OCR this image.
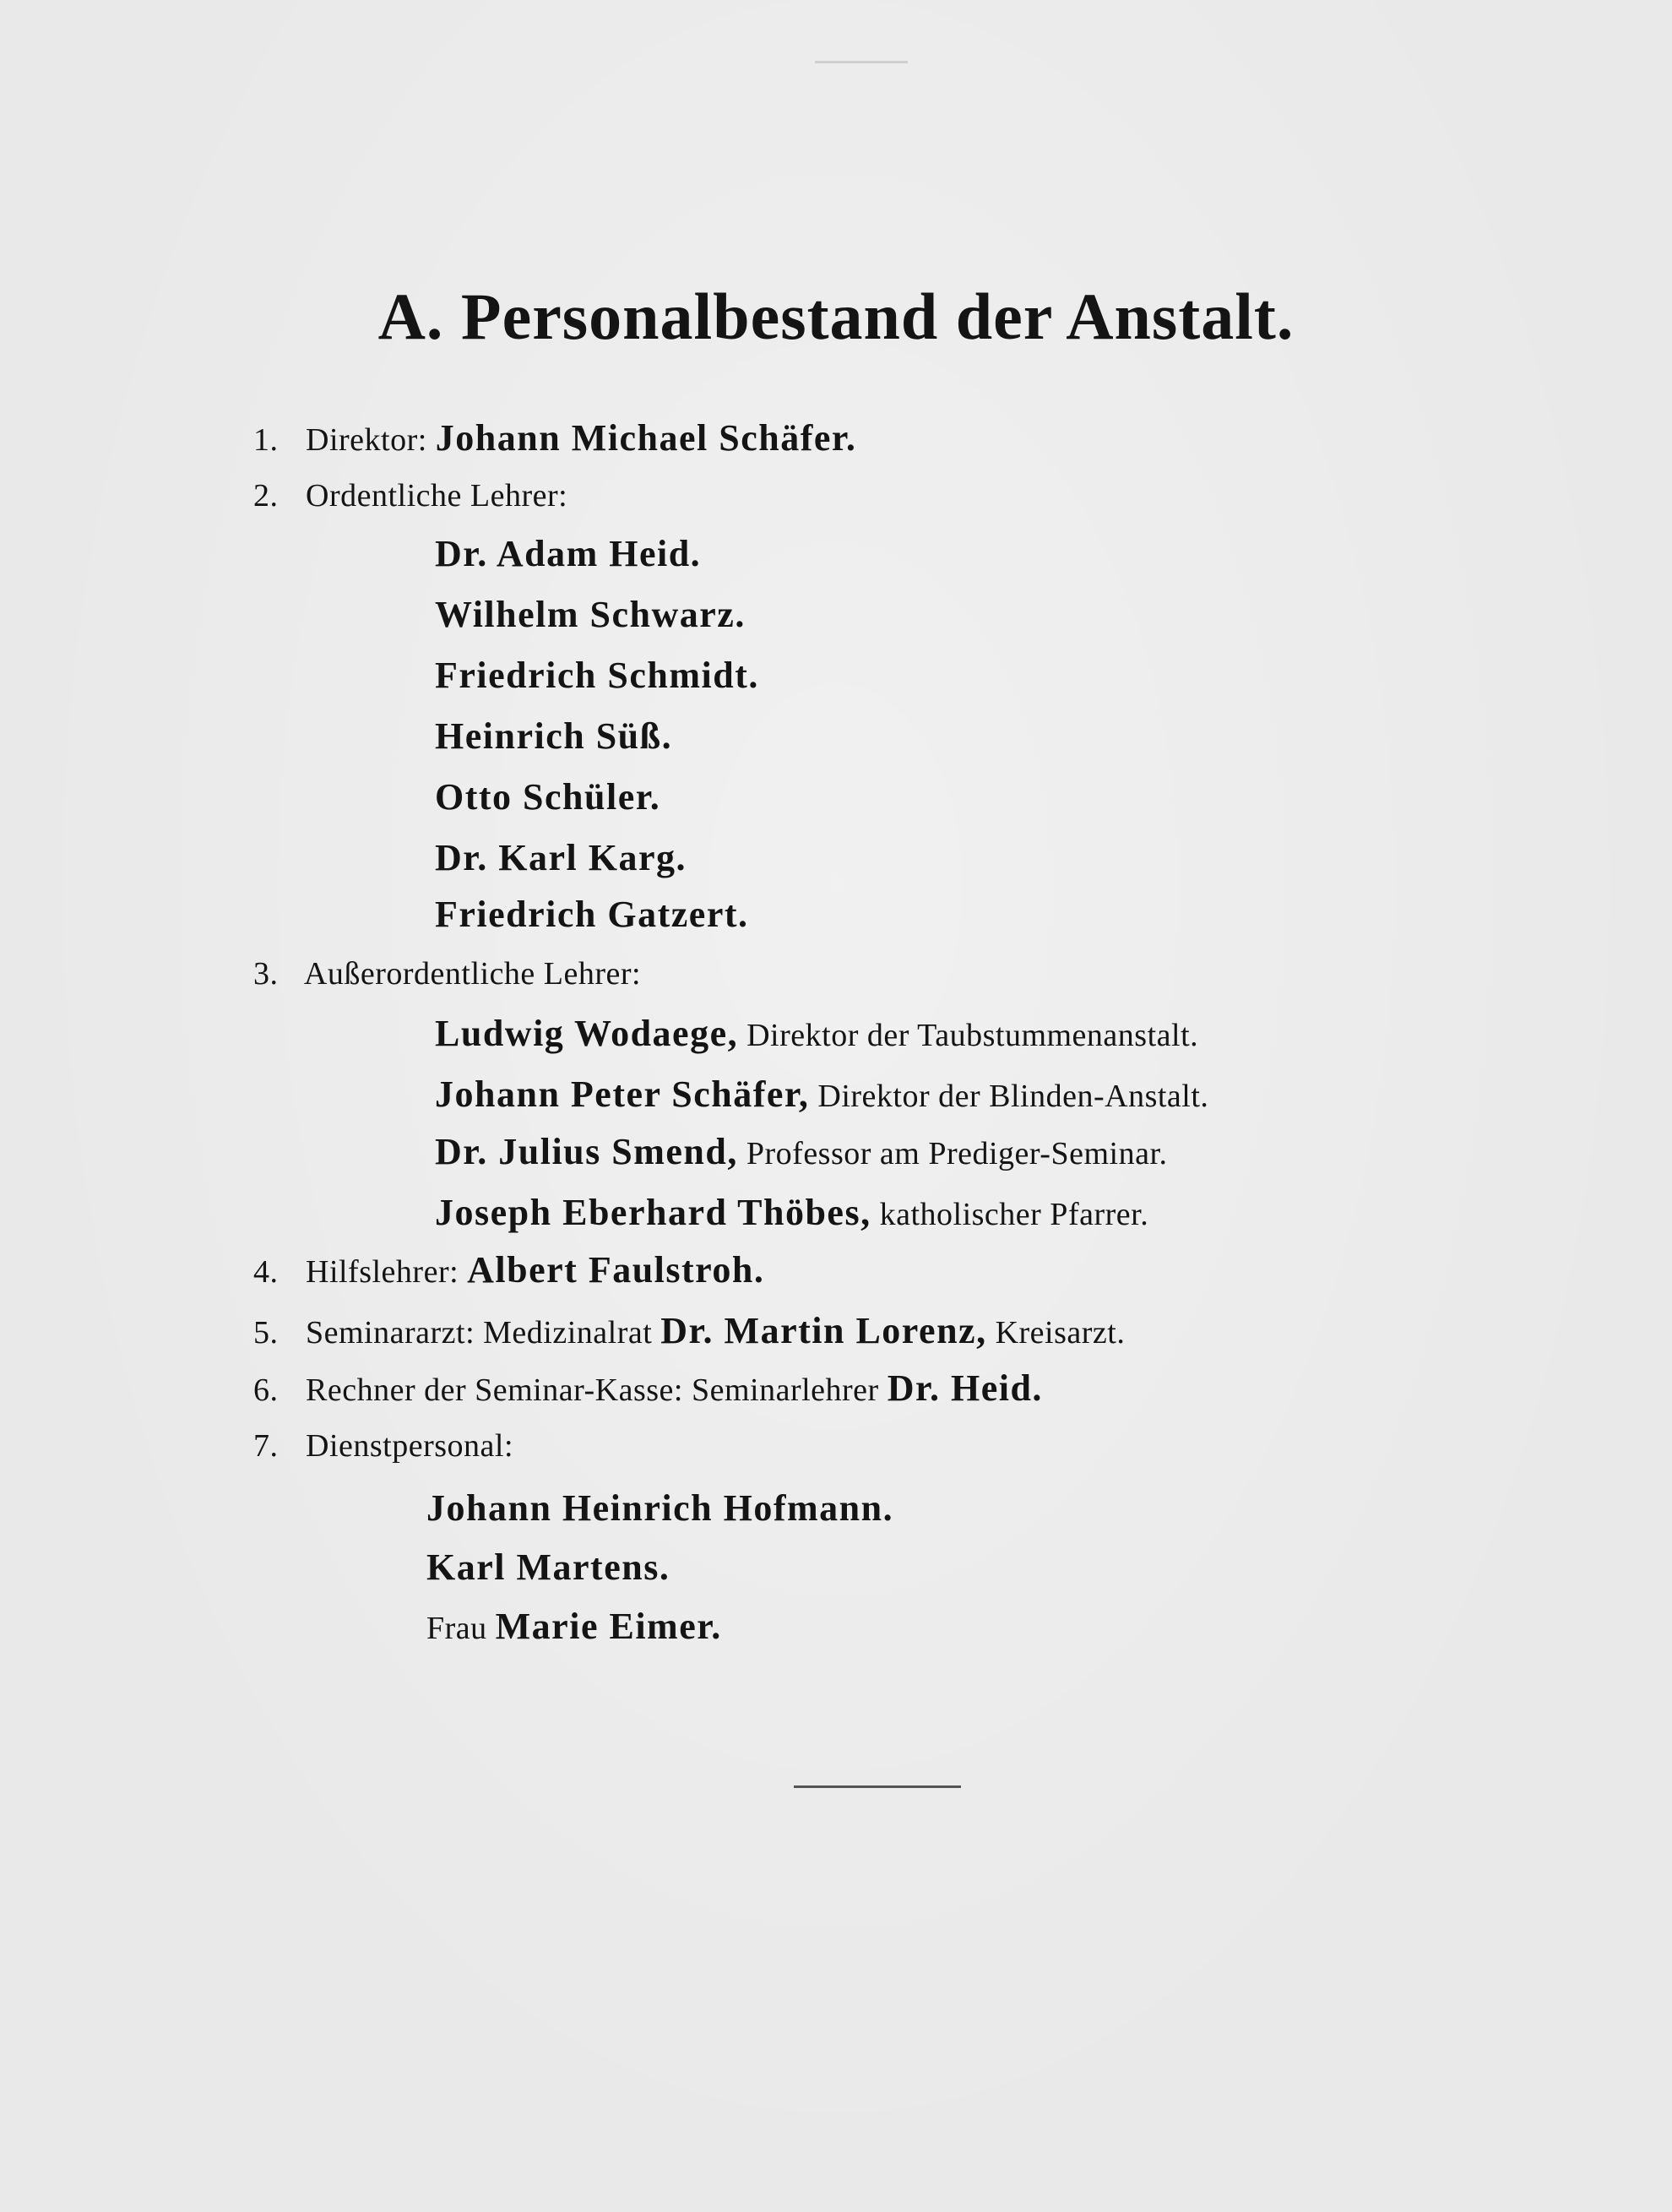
A. Personalbestand der Anstalt.
1. Direktor: Johann Michael Schäfer.
2. Ordentliche Lehrer:
Dr. Adam Heid.
Wilhelm Schwarz.
Friedrich Schmidt.
Heinrich Süß.
Otto Schüler.
Dr. Karl Karg.
Friedrich Gatzert.
3. Außerordentliche Lehrer:
Ludwig Wodaege, Direktor der Taubstummenanstalt.
Johann Peter Schäfer, Direktor der Blinden-Anstalt.
Dr. Julius Smend, Professor am Prediger-Seminar.
Joseph Eberhard Thöbes, katholischer Pfarrer.
4. Hilfslehrer: Albert Faulstroh.
5. Seminararzt: Medizinalrat Dr. Martin Lorenz, Kreisarzt.
6. Rechner der Seminar-Kasse: Seminarlehrer Dr. Heid.
7. Dienstpersonal:
Johann Heinrich Hofmann.
Karl Martens.
Frau Marie Eimer.
